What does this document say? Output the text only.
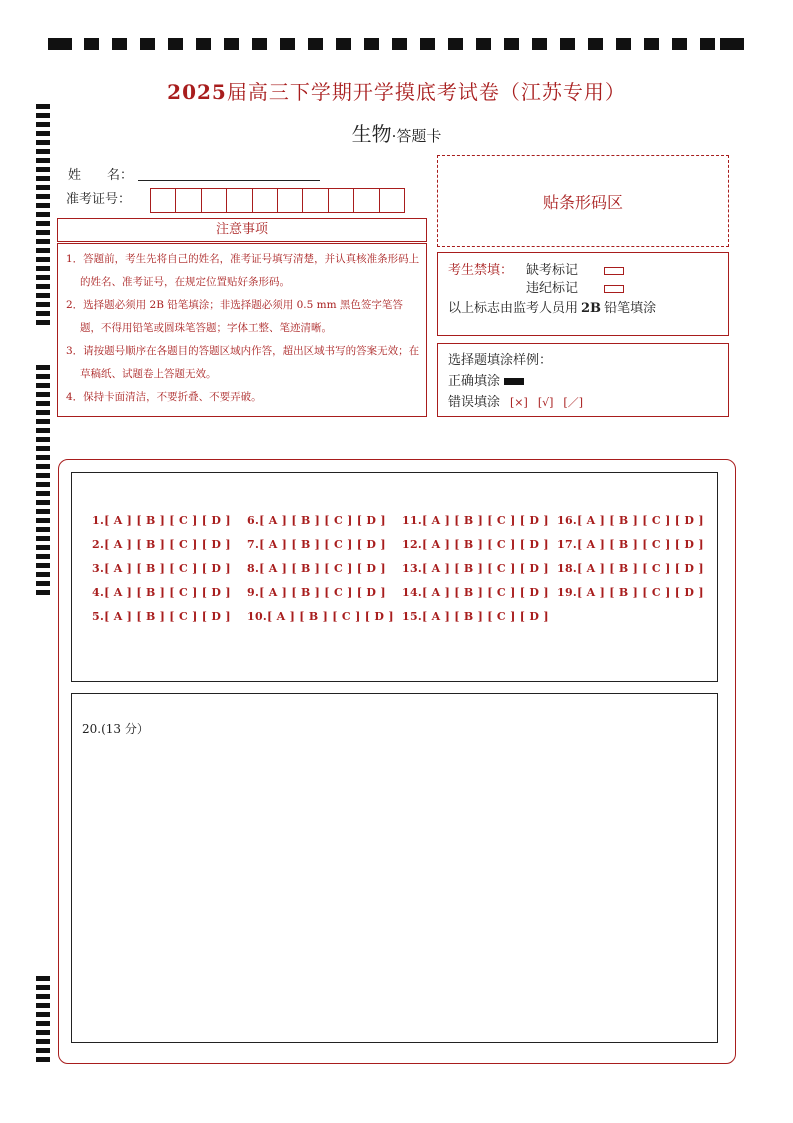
2025届高三下学期开学摸底考试卷（江苏专用）
生物·答题卡
姓　　名：
准考证号：	贴条形码区
注意事项
1．答题前，考生先将自己的姓名，准考证号填写清楚，并认真核准条形码上的姓名、准考证号，在规定位置贴好条形码。
2．选择题必须用 2B 铅笔填涂；非选择题必须用 0.5 mm 黑色签字笔答题，不得用铅笔或圆珠笔答题；字体工整、笔迹清晰。
3．请按题号顺序在各题目的答题区域内作答，超出区域书写的答案无效；在草稿纸、试题卷上答题无效。
4．保持卡面清洁，不要折叠、不要弄破。
考生禁填： 缺考标记
违纪标记
以上标志由监考人员用 2B 铅笔填涂
选择题填涂样例：
正确填涂
错误填涂 [×] [√] [／]
1.[ A ] [ B ] [ C ] [ D ]
2.[ A ] [ B ] [ C ] [ D ]
3.[ A ] [ B ] [ C ] [ D ]
4.[ A ] [ B ] [ C ] [ D ]
5.[ A ] [ B ] [ C ] [ D ]
6.[ A ] [ B ] [ C ] [ D ]
7.[ A ] [ B ] [ C ] [ D ]
8.[ A ] [ B ] [ C ] [ D ]
9.[ A ] [ B ] [ C ] [ D ]
10.[ A ] [ B ] [ C ] [ D ]
11.[ A ] [ B ] [ C ] [ D ]
12.[ A ] [ B ] [ C ] [ D ]
13.[ A ] [ B ] [ C ] [ D ]
14.[ A ] [ B ] [ C ] [ D ]
15.[ A ] [ B ] [ C ] [ D ]
16.[ A ] [ B ] [ C ] [ D ]
17.[ A ] [ B ] [ C ] [ D ]
18.[ A ] [ B ] [ C ] [ D ]
19.[ A ] [ B ] [ C ] [ D ]
20.(13 分）
